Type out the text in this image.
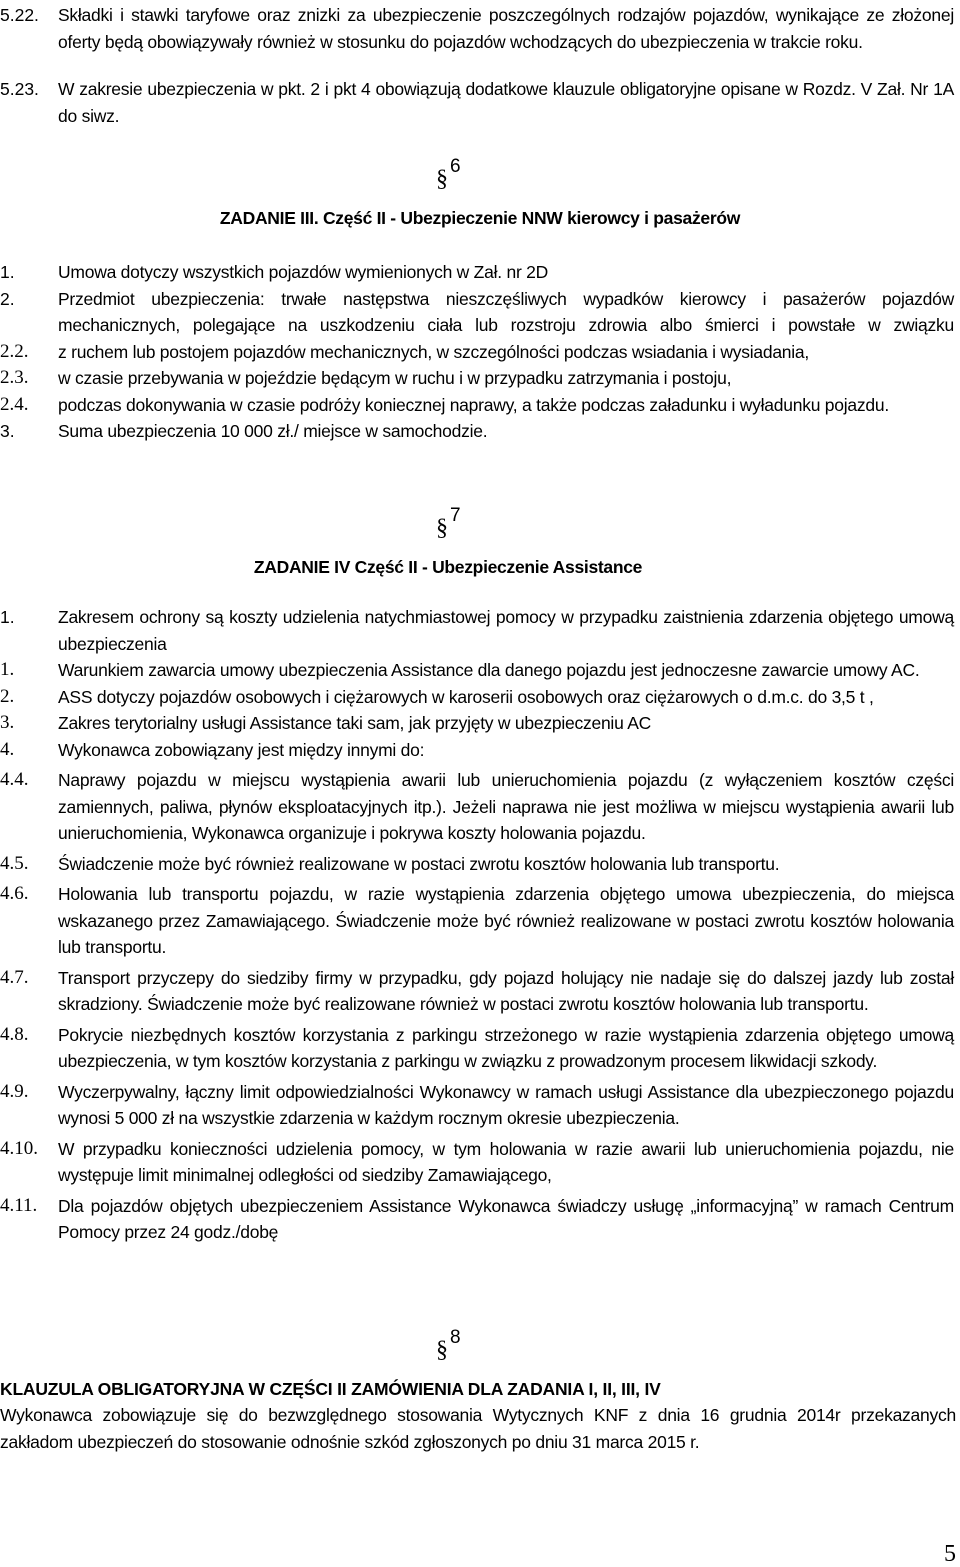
5.22.	Składki i stawki taryfowe oraz znizki za ubezpieczenie poszczególnych rodzajów pojazdów, wynikające ze złożonej oferty będą obowiązywały również w stosunku do pojazdów wchodzących do ubezpieczenia w trakcie roku.
5.23.	W zakresie ubezpieczenia w pkt. 2 i pkt 4 obowiązują dodatkowe klauzule obligatoryjne opisane w Rozdz. V Zał. Nr 1A do siwz.
§ 6
ZADANIE III. Część II - Ubezpieczenie NNW kierowcy i pasażerów
1.	Umowa dotyczy wszystkich pojazdów wymienionych w Zał. nr 2D
2.	Przedmiot ubezpieczenia: trwałe następstwa nieszczęśliwych wypadków kierowcy i pasażerów pojazdów mechanicznych, polegające na uszkodzeniu ciała lub rozstroju zdrowia albo śmierci i powstałe w związku
2.2.	z ruchem lub postojem pojazdów mechanicznych, w szczególności podczas wsiadania i wysiadania,
2.3.	w czasie przebywania w pojeździe będącym w ruchu i w przypadku zatrzymania i postoju,
2.4.	podczas dokonywania w czasie podróży koniecznej naprawy, a także podczas załadunku i wyładunku pojazdu.
3.	Suma ubezpieczenia 10 000 zł./ miejsce w samochodzie.
§ 7
ZADANIE IV Część II - Ubezpieczenie Assistance
1.	Zakresem ochrony są koszty udzielenia natychmiastowej pomocy w przypadku zaistnienia zdarzenia objętego umową ubezpieczenia
1.	Warunkiem zawarcia umowy ubezpieczenia Assistance dla danego pojazdu jest jednoczesne zawarcie umowy AC.
2.	ASS dotyczy pojazdów osobowych i ciężarowych w karoserii osobowych oraz ciężarowych o d.m.c. do 3,5 t ,
3.	Zakres terytorialny usługi Assistance taki sam, jak przyjęty w ubezpieczeniu AC
4.	Wykonawca zobowiązany jest między innymi do:
4.4.	Naprawy pojazdu w miejscu wystąpienia awarii lub unieruchomienia pojazdu (z wyłączeniem kosztów części zamiennych, paliwa, płynów eksploatacyjnych itp.). Jeżeli naprawa nie jest możliwa w miejscu wystąpienia awarii lub unieruchomienia, Wykonawca organizuje i pokrywa koszty holowania pojazdu.
4.5.	Świadczenie może być również realizowane w postaci zwrotu kosztów holowania lub transportu.
4.6.	Holowania lub transportu pojazdu, w razie wystąpienia zdarzenia objętego umowa ubezpieczenia, do miejsca wskazanego przez Zamawiającego. Świadczenie może być również realizowane w postaci zwrotu kosztów holowania lub transportu.
4.7.	Transport przyczepy do siedziby firmy w przypadku, gdy pojazd holujący nie nadaje się do dalszej jazdy lub został skradziony. Świadczenie może być realizowane również w postaci zwrotu kosztów holowania lub transportu.
4.8.	Pokrycie niezbędnych kosztów korzystania z parkingu strzeżonego w razie wystąpienia zdarzenia objętego umową ubezpieczenia, w tym kosztów korzystania z parkingu w związku z prowadzonym procesem likwidacji szkody.
4.9.	Wyczerpywalny, łączny limit odpowiedzialności Wykonawcy w ramach usługi Assistance dla ubezpieczonego pojazdu wynosi 5 000 zł na wszystkie zdarzenia w każdym rocznym okresie ubezpieczenia.
4.10.	W przypadku konieczności udzielenia pomocy, w tym holowania w razie awarii lub unieruchomienia pojazdu, nie występuje limit minimalnej odległości od siedziby Zamawiającego,
4.11.	Dla pojazdów objętych ubezpieczeniem Assistance Wykonawca świadczy usługę „informacyjną” w ramach Centrum Pomocy przez 24 godz./dobę
§ 8
KLAUZULA OBLIGATORYJNA W CZĘŚCI II ZAMÓWIENIA DLA ZADANIA I, II, III, IV
Wykonawca zobowiązuje się do bezwzględnego stosowania Wytycznych KNF z dnia 16 grudnia 2014r przekazanych zakładom ubezpieczeń do stosowanie odnośnie szkód zgłoszonych po dniu 31 marca 2015 r.
5
